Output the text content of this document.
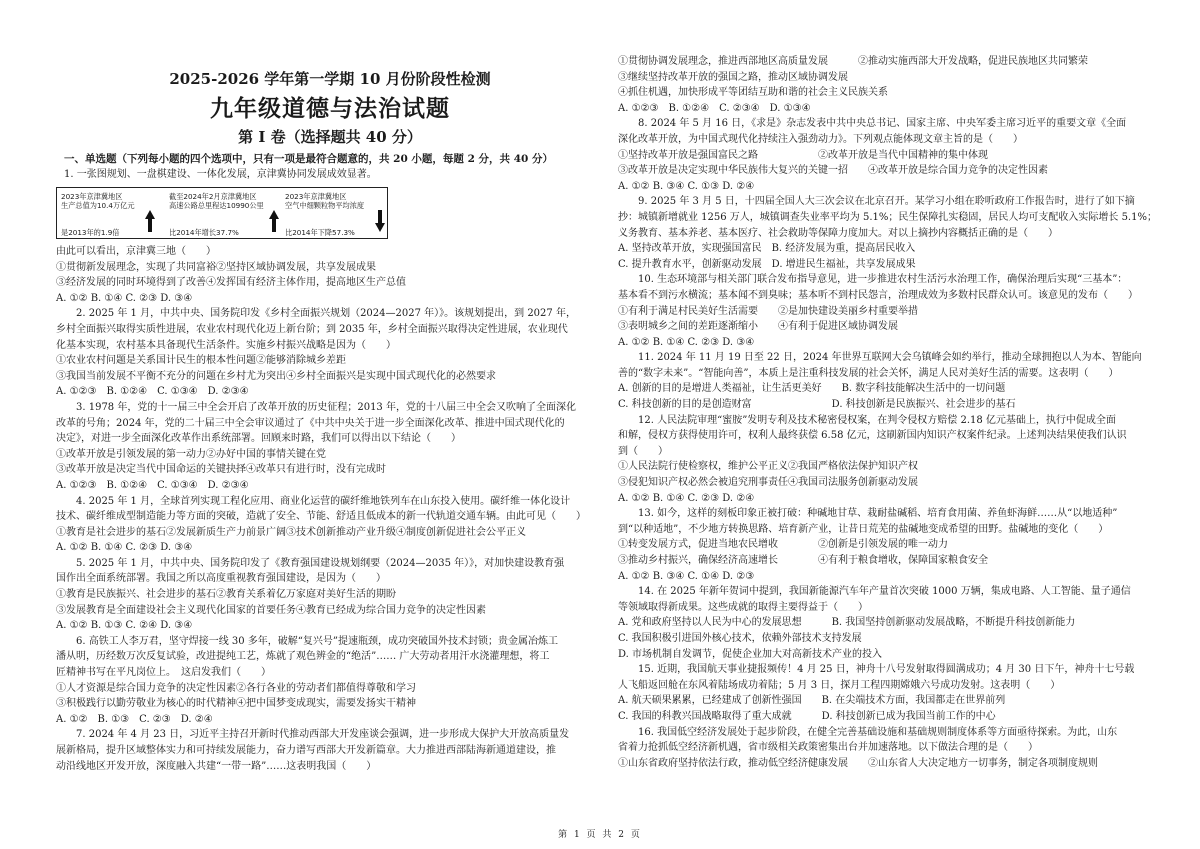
2025-2026 学年第一学期 10 月份阶段性检测
九年级道德与法治试题
第 I 卷（选择题共 40 分）
一、单选题（下列每小题的四个选项中，只有一项是最符合题意的，共 20 小题，每题 2 分，共 40 分）
1. 一张图规划、一盘棋建设、一体化发展，京津冀协同发展成效显著。
2023年京津冀地区
生产总值为10.4万亿元
是2013年的1.9倍
截至2024年2月京津冀地区
高速公路总里程达10990公里
比2014年增长37.7%
2023年京津冀地区
空气中细颗粒物平均浓度
比2014年下降57.3%
由此可以看出，京津冀三地（　　）
①贯彻新发展理念，实现了共同富裕②坚持区域协调发展，共享发展成果
③经济发展的同时环境得到了改善④发挥国有经济主体作用，提高地区生产总值
A. ①② B. ①④ C. ②③ D. ③④
　　2. 2025 年 1 月，中共中央、国务院印发《乡村全面振兴规划（2024—2027 年）》。该规划提出，到 2027 年，
乡村全面振兴取得实质性进展，农业农村现代化迈上新台阶；到 2035 年，乡村全面振兴取得决定性进展，农业现代
化基本实现，农村基本具备现代生活条件。实施乡村振兴战略是因为（　　）
①农业农村问题是关系国计民生的根本性问题②能够消除城乡差距
③我国当前发展不平衡不充分的问题在乡村尤为突出④乡村全面振兴是实现中国式现代化的必然要求
A. ①②③　B. ①②④　C. ①③④　D. ②③④
　　3. 1978 年，党的十一届三中全会开启了改革开放的历史征程；2013 年，党的十八届三中全会又吹响了全面深化
改革的号角；2024 年，党的二十届三中全会审议通过了《中共中央关于进一步全面深化改革、推进中国式现代化的
决定》，对进一步全面深化改革作出系统部署。回顾来时路，我们可以得出以下结论（　　）
①改革开放是引领发展的第一动力②办好中国的事情关键在党
③改革开放是决定当代中国命运的关键抉择④改革只有进行时，没有完成时
A. ①②③　B. ①②④　C. ①③④　D. ②③④
　　4. 2025 年 1 月，全球首列实现工程化应用、商业化运营的碳纤维地铁列车在山东投入使用。碳纤维一体化设计
技术、碳纤维成型制造能力等方面的突破，造就了安全、节能、舒适且低成本的新一代轨道交通车辆。由此可见（　　）
①教育是社会进步的基石②发展新质生产力前景广阔③技术创新推动产业升级④制度创新促进社会公平正义
A. ①② B. ①④ C. ②③ D. ③④
　　5. 2025 年 1 月，中共中央、国务院印发了《教育强国建设规划纲要（2024—2035 年）》，对加快建设教育强
国作出全面系统部署。我国之所以高度重视教育强国建设，是因为（　　）
①教育是民族振兴、社会进步的基石②教育关系着亿万家庭对美好生活的期盼
③发展教育是全面建设社会主义现代化国家的首要任务④教育已经成为综合国力竞争的决定性因素
A. ①② B. ①③ C. ②④ D. ③④
　　6. 高铁工人李万君，坚守焊接一线 30 多年，破解“复兴号”提速瓶颈，成功突破国外技术封锁；贵金属冶炼工
潘从明，历经数万次反复试验，改进提纯工艺，炼就了观色辨金的“绝活”…… 广大劳动者用汗水浇灌理想，将工
匠精神书写在平凡岗位上。　这启发我们（　　）
①人才资源是综合国力竞争的决定性因素②各行各业的劳动者们都值得尊敬和学习
③积极践行以勤劳敬业为核心的时代精神④把中国梦变成现实，需要发扬实干精神
A. ①②　B. ①③　C. ②③　D. ②④
　　7. 2024 年 4 月 23 日，习近平主持召开新时代推动西部大开发座谈会强调，进一步形成大保护大开放高质量发
展新格局，提升区域整体实力和可持续发展能力，奋力谱写西部大开发新篇章。大力推进西部陆海新通道建设，推
动沿线地区开发开放，深度融入共建“一带一路”……这表明我国（　　）
①贯彻协调发展理念，推进西部地区高质量发展　　　②推动实施西部大开发战略，促进民族地区共同繁荣
③继续坚持改革开放的强国之路，推动区域协调发展
④抓住机遇，加快形成平等团结互助和谐的社会主义民族关系
A. ①②③　B. ①②④　C. ②③④　D. ①③④
　　8. 2024 年 5 月 16 日，《求是》杂志发表中共中央总书记、国家主席、中央军委主席习近平的重要文章《全面
深化改革开放，为中国式现代化持续注入强劲动力》。下列观点能体现文章主旨的是（　　）
①坚持改革开放是强国富民之路　　　　　　②改革开放是当代中国精神的集中体现
③改革开放是决定实现中华民族伟大复兴的关键一招　　④改革开放是综合国力竞争的决定性因素
A. ①② B. ③④ C. ①③ D. ②④
　　9. 2025 年 3 月 5 日，十四届全国人大三次会议在北京召开。某学习小组在聆听政府工作报告时，进行了如下摘
抄：城镇新增就业 1256 万人，城镇调查失业率平均为 5.1%；民生保障扎实稳固，居民人均可支配收入实际增长 5.1%；
义务教育、基本养老、基本医疗、社会救助等保障力度加大。对以上摘抄内容概括正确的是（　　）
A. 坚持改革开放，实现强国富民　B. 经济发展为重，提高居民收入
C. 提升教育水平，创新驱动发展　D. 增进民生福祉，共享发展成果
　　10. 生态环境部与相关部门联合发布指导意见，进一步推进农村生活污水治理工作，确保治理后实现“三基本”：
基本看不到污水横流；基本闻不到臭味；基本听不到村民怨言，治理成效为多数村民群众认可。该意见的发布（　　）
①有利于满足村民美好生活需要　　②是加快建设美丽乡村重要举措
③表明城乡之间的差距逐渐缩小　　④有利于促进区域协调发展
A. ①② B. ①④ C. ②③ D. ③④
　　11. 2024 年 11 月 19 日至 22 日，2024 年世界互联网大会乌镇峰会如约举行，推动全球拥抱以人为本、智能向
善的“数字未来”。“智能向善”，本质上是注重科技发展的社会关怀，满足人民对美好生活的需要。这表明（　　）
A. 创新的目的是增进人类福祉，让生活更美好　　B. 数字科技能解决生活中的一切问题
C. 科技创新的目的是创造财富　　　　　　　　D. 科技创新是民族振兴、社会进步的基石
　　12. 人民法院审理“蜜胺”发明专利及技术秘密侵权案，在判令侵权方赔偿 2.18 亿元基础上，执行中促成全面
和解，侵权方获得使用许可，权利人最终获偿 6.58 亿元，这刷新国内知识产权案件纪录。上述判决结果使我们认识
到（　　）
①人民法院行使检察权，维护公平正义②我国严格依法保护知识产权
③侵犯知识产权必然会被追究刑事责任④我国司法服务创新驱动发展
A. ①② B. ①④ C. ②③ D. ②④
　　13. 如今，这样的刻板印象正被打破：种碱地甘草、栽耐盐碱稻、培育食用菌、养鱼虾海鲜……从“以地适种”
到“以种适地”，不少地方转换思路、培育新产业，让昔日荒芜的盐碱地变成希望的田野。盐碱地的变化（　　）
①转变发展方式，促进当地农民增收　　　　②创新是引领发展的唯一动力
③推动乡村振兴，确保经济高速增长　　　　④有利于粮食增收，保障国家粮食安全
A. ①② B. ③④ C. ①④ D. ②③
　　14. 在 2025 年新年贺词中提到，我国新能源汽车年产量首次突破 1000 万辆，集成电路、人工智能、量子通信
等领域取得新成果。这些成就的取得主要得益于（　　）
A. 党和政府坚持以人民为中心的发展思想　　　B. 我国坚持创新驱动发展战略，不断提升科技创新能力
C. 我国积极引进国外核心技术，依赖外部技术支持发展
D. 市场机制自发调节，促使企业加大对高新技术产业的投入
　　15. 近期，我国航天事业捷报频传！4 月 25 日，神舟十八号发射取得圆满成功；4 月 30 日下午，神舟十七号载
人飞船返回舱在东风着陆场成功着陆；5 月 3 日，探月工程四期嫦娥六号成功发射。这表明（　　）
A. 航天硕果累累，已经建成了创新性强国　　B. 在尖端技术方面，我国都走在世界前列
C. 我国的科教兴国战略取得了重大成就　　　D. 科技创新已成为我国当前工作的中心
　　16. 我国低空经济发展处于起步阶段，在健全完善基础设施和基础规则制度体系等方面亟待探索。为此，山东
省着力抢抓低空经济新机遇，省市级相关政策密集出台并加速落地。以下做法合理的是（　　）
①山东省政府坚持依法行政，推动低空经济健康发展　　②山东省人大决定地方一切事务，制定各项制度规则
第 1 页 共 2 页
